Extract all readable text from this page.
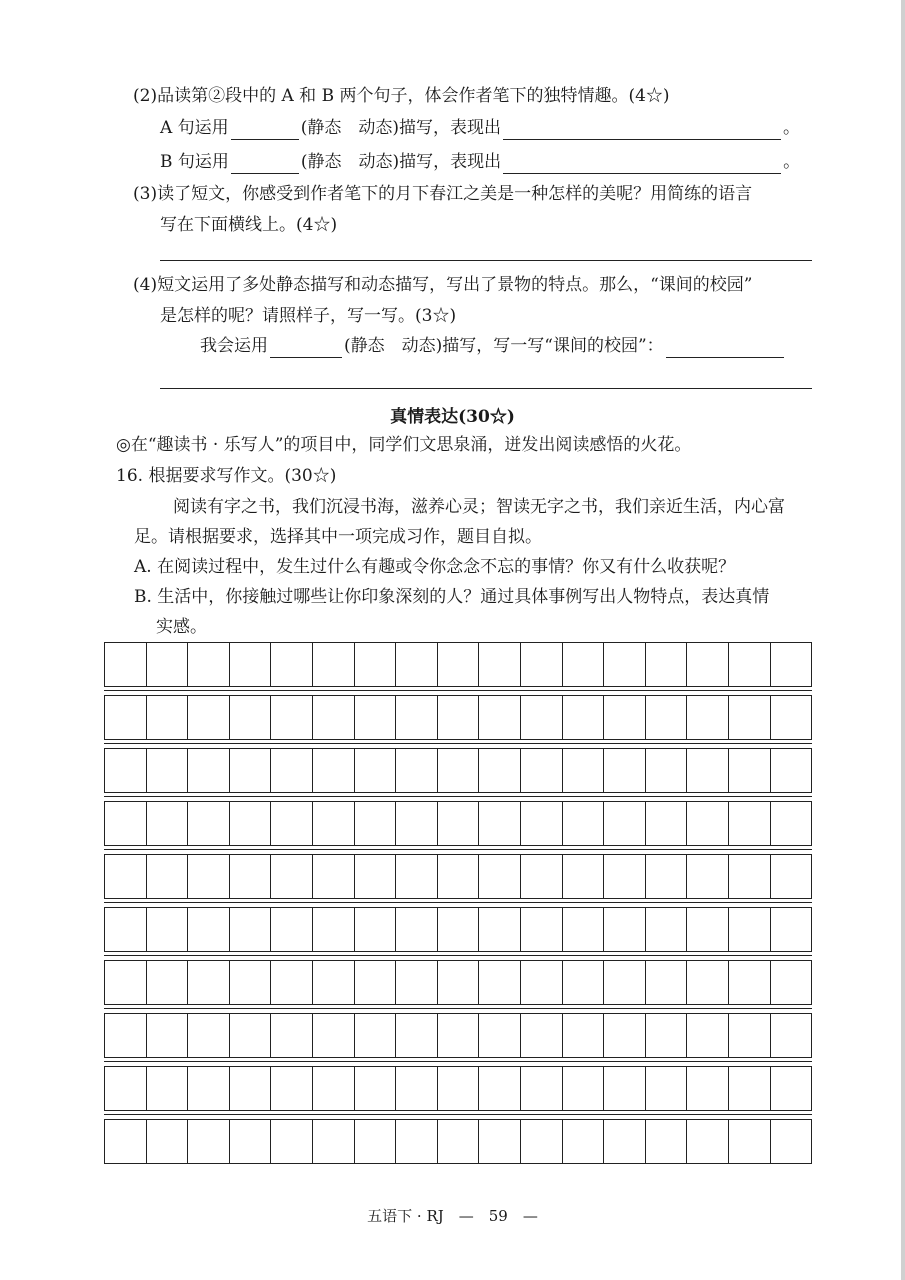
(2)品读第②段中的 A 和 B 两个句子，体会作者笔下的独特情趣。(4☆)
A 句运用	(静态　动态)描写，表现出	。
B 句运用	(静态　动态)描写，表现出	。
(3)读了短文，你感受到作者笔下的月下春江之美是一种怎样的美呢？用简练的语言
写在下面横线上。(4☆)
(4)短文运用了多处静态描写和动态描写，写出了景物的特点。那么，“课间的校园”
是怎样的呢？请照样子，写一写。(3☆)
我会运用	(静态　动态)描写，写一写“课间的校园”：
真情表达(30☆)
◎在“趣读书 · 乐写人”的项目中，同学们文思泉涌，迸发出阅读感悟的火花。
16. 根据要求写作文。(30☆)
阅读有字之书，我们沉浸书海，滋养心灵；智读无字之书，我们亲近生活，内心富
足。请根据要求，选择其中一项完成习作，题目自拟。
A. 在阅读过程中，发生过什么有趣或令你念念不忘的事情？你又有什么收获呢？
B. 生活中，你接触过哪些让你印象深刻的人？通过具体事例写出人物特点，表达真情
实感。
五语下 · RJ　—　59　—
